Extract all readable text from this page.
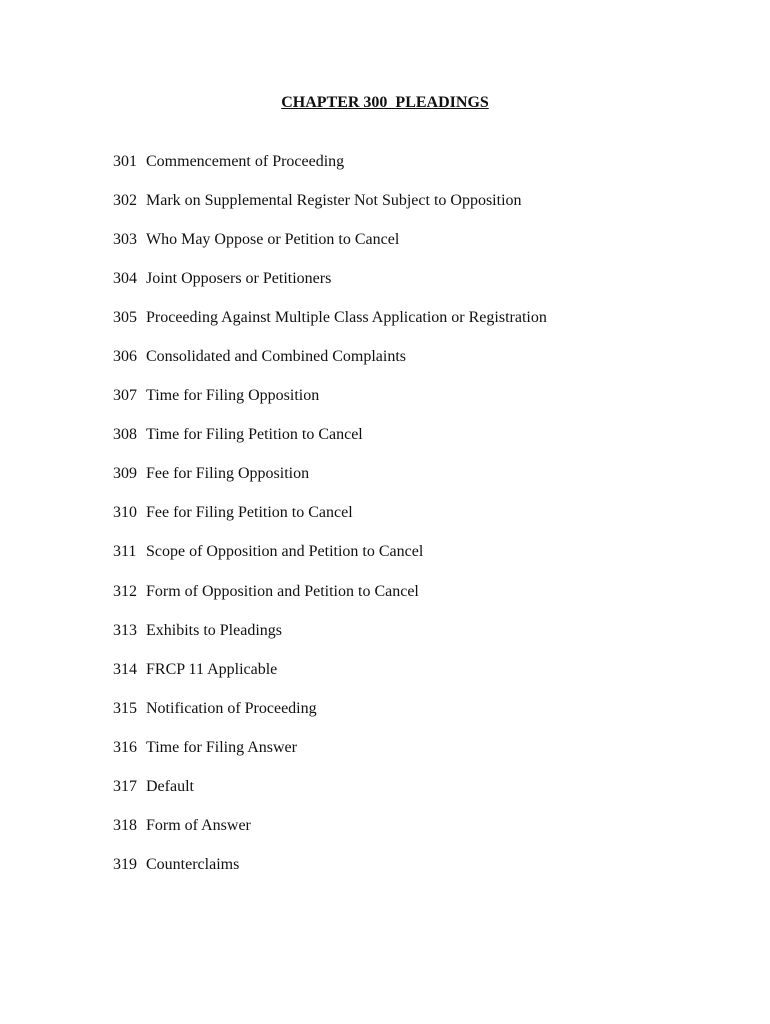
CHAPTER 300  PLEADINGS
301 Commencement of Proceeding
302 Mark on Supplemental Register Not Subject to Opposition
303 Who May Oppose or Petition to Cancel
304 Joint Opposers or Petitioners
305 Proceeding Against Multiple Class Application or Registration
306 Consolidated and Combined Complaints
307 Time for Filing Opposition
308 Time for Filing Petition to Cancel
309 Fee for Filing Opposition
310 Fee for Filing Petition to Cancel
311 Scope of Opposition and Petition to Cancel
312 Form of Opposition and Petition to Cancel
313 Exhibits to Pleadings
314 FRCP 11 Applicable
315 Notification of Proceeding
316 Time for Filing Answer
317 Default
318 Form of Answer
319 Counterclaims
